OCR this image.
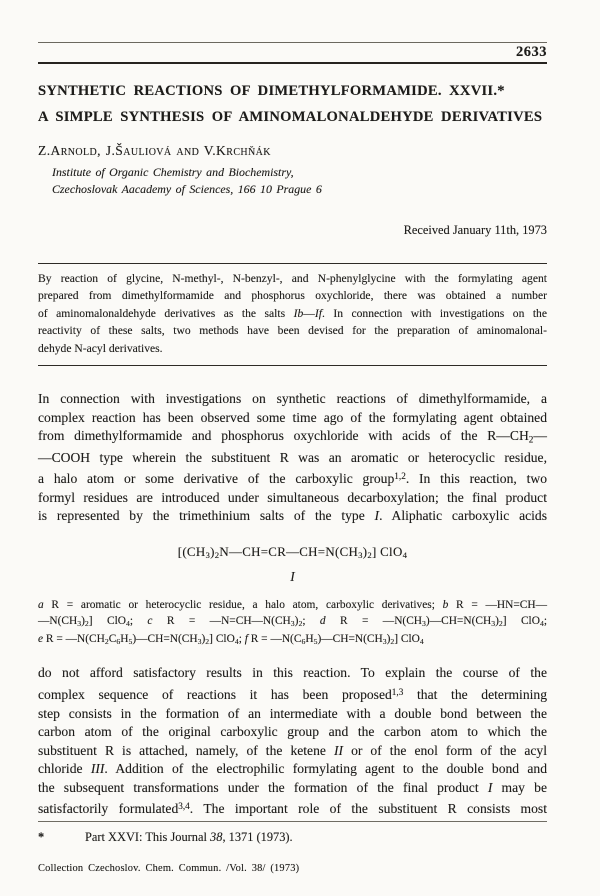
2633
SYNTHETIC REACTIONS OF DIMETHYLFORMAMIDE. XXVII.*
A SIMPLE SYNTHESIS OF AMINOMALONALDEHYDE DERIVATIVES
Z.Arnold, J.Šauliová and V.Krchňák
Institute of Organic Chemistry and Biochemistry,
Czechoslovak Aacademy of Sciences, 166 10 Prague 6
Received January 11th, 1973
By reaction of glycine, N-methyl-, N-benzyl-, and N-phenylglycine with the formylating agent
prepared from dimethylformamide and phosphorus oxychloride, there was obtained a number
of aminomalonaldehyde derivatives as the salts Ib—If. In connection with investigations on the
reactivity of these salts, two methods have been devised for the preparation of aminomalonal-
dehyde N-acyl derivatives.
In connection with investigations on synthetic reactions of dimethylformamide, a
complex reaction has been observed some time ago of the formylating agent obtained
from dimethylformamide and phosphorus oxychloride with acids of the $R—CH_2—$
—COOH type wherein the substituent R was an aromatic or heterocyclic residue,
a halo atom or some derivative of the carboxylic group$^{1,2}$. In this reaction, two
formyl residues are introduced under simultaneous decarboxylation; the final product
is represented by the trimethinium salts of the type I. Aliphatic carboxylic acids
$[(CH_3)_2N—CH=CR—CH=N(CH_3)_2]$ ClO$_4$
I
a R = aromatic or heterocyclic residue, a halo atom, carboxylic derivatives; b R = —HN=CH—
$—N(CH_3)_2$] ClO$_4$; c $R = —N=CH—N(CH_3)_2$; d $R = —N(CH_3)—CH=N(CH_3)_2$] ClO$_4$;
e $R = —N(CH_2C_6H_5)—CH=N(CH_3)_2$] ClO$_4$; f $R = —N(C_6H_5)—CH=N(CH_3)_2$] ClO$_4$
do not afford satisfactory results in this reaction. To explain the course of the
complex sequence of reactions it has been proposed$^{1,3}$ that the determining
step consists in the formation of an intermediate with a double bond between the
carbon atom of the original carboxylic group and the carbon atom to which the
substituent R is attached, namely, of the ketene II or of the enol form of the acyl
chloride III. Addition of the electrophilic formylating agent to the double bond and
the subsequent transformations under the formation of the final product I may be
satisfactorily formulated$^{3,4}$. The important role of the substituent R consists most
*	Part XXVI: This Journal 38, 1371 (1973).
Collection Czechoslov. Chem. Commun. /Vol. 38/ (1973)
